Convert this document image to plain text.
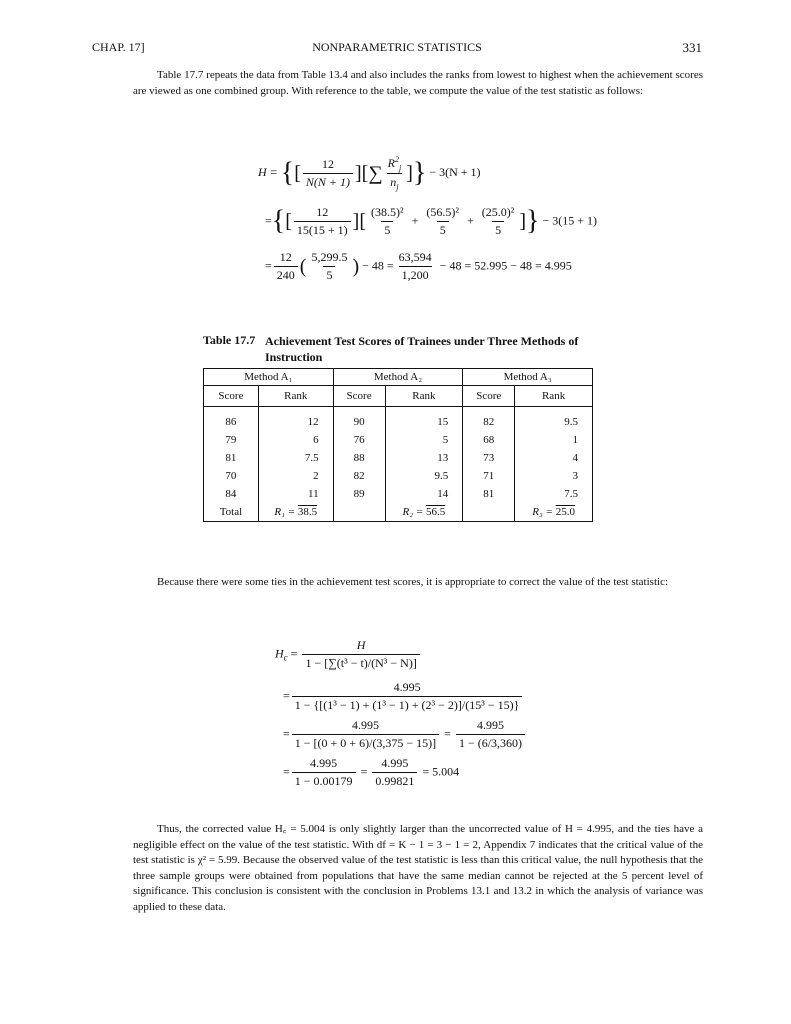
CHAP. 17]	NONPARAMETRIC STATISTICS	331
Table 17.7 repeats the data from Table 13.4 and also includes the ranks from lowest to highest when the achievement scores are viewed as one combined group. With reference to the table, we compute the value of the test statistic as follows:
H = {[ $\frac{12}{N(N + 1)}$ ][∑ $\frac{R^2_j}{n_j}$ ]} − 3(N + 1)
={[ $\frac{12}{15(15 + 1)}$ ][ $\frac{\text{(38.5)²}}{5} + \frac{\text{(56.5)²}}{5} + \frac{\text{(25.0)²}}{5}$ ]} − 3(15 + 1)
= $\frac{12}{240}$ ( $\frac{5,299.5}{5}$ ) − $48 = \frac{63,594}{1,200} - 48 = 52.995 - 48 = 4.995$
Table 17.7 Achievement Test Scores of Trainees under Three Methods of Instruction
Method A₁		Method A₂		Method A₃	
Score	Rank	Score	Rank	Score	Rank
86	12	90	15	82	9.5
79	6	76	5	68	1
81	7.5	88	13	73	4
70	2	82	9.5	71	3
84	11	89	14	81	7.5
Total	R₁ = 38.5		R₂ = 56.5		R₃ = 25.0
Because there were some ties in the achievement test scores, it is appropriate to correct the value of the test statistic:
$H_c = \frac{H}{\text{1 − [∑(t³ − t)/(N³ − N)]}}$
= $\frac{4.995}{\text{1 − \{[(1³ − 1) + (1³ − 1) + (2³ − 2)]/(15³ − 15)\}}}$
= $\frac{4.995}{1 - [(0 + 0 + 6)/(3,375 - 15)]} = \frac{4.995}{1 - (6/3,360)}$
= $\frac{4.995}{1 - 0.00179} = \frac{4.995}{0.99821} = 5.004$
Thus, the corrected value H꜀ = 5.004 is only slightly larger than the uncorrected value of H = 4.995, and the ties have a negligible effect on the value of the test statistic. With df = K − 1 = 3 − 1 = 2, Appendix 7 indicates that the critical value of the test statistic is χ² = 5.99. Because the observed value of the test statistic is less than this critical value, the null hypothesis that the three sample groups were obtained from populations that have the same median cannot be rejected at the 5 percent level of significance. This conclusion is consistent with the conclusion in Problems 13.1 and 13.2 in which the analysis of variance was applied to these data.
